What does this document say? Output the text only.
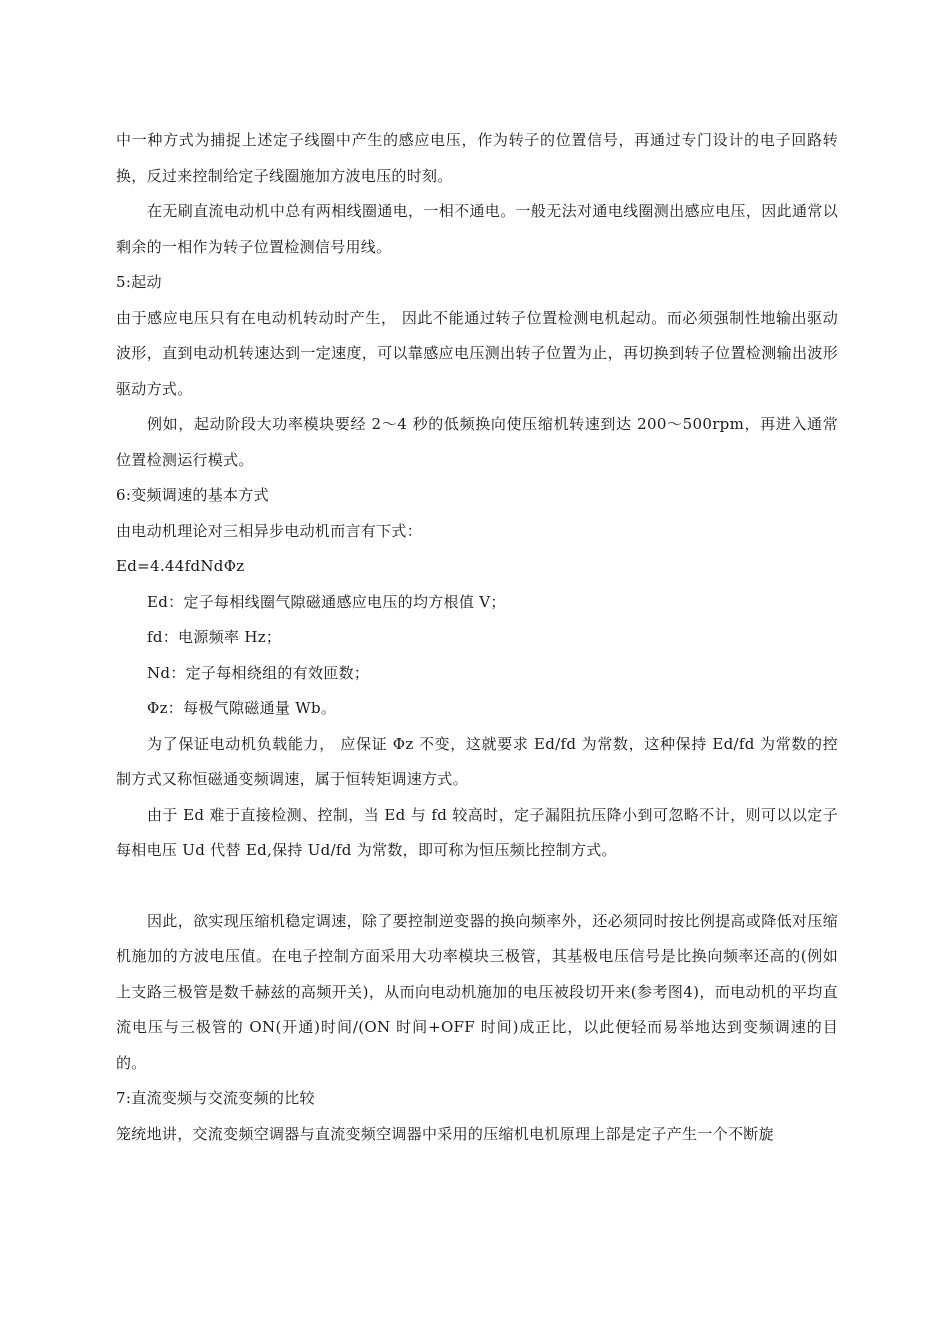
中一种方式为捕捉上述定子线圈中产生的感应电压，作为转子的位置信号，再通过专门设计的电子回路转换，反过来控制给定子线圈施加方波电压的时刻。

在无刷直流电动机中总有两相线圈通电，一相不通电。一般无法对通电线圈测出感应电压，因此通常以剩余的一相作为转子位置检测信号用线。

5:起动

由于感应电压只有在电动机转动时产生， 因此不能通过转子位置检测电机起动。而必须强制性地输出驱动波形，直到电动机转速达到一定速度，可以靠感应电压测出转子位置为止，再切换到转子位置检测输出波形驱动方式。

例如，起动阶段大功率模块要经 2～4 秒的低频换向使压缩机转速到达 200～500rpm，再进入通常位置检测运行模式。

6:变频调速的基本方式

由电动机理论对三相异步电动机而言有下式：

Ed=4.44fdNdΦz

Ed：定子每相线圈气隙磁通感应电压的均方根值 V；

fd：电源频率 Hz；

Nd：定子每相绕组的有效匝数；

Φz：每极气隙磁通量 Wb。

为了保证电动机负载能力， 应保证 Φz 不变，这就要求 Ed/fd 为常数，这种保持 Ed/fd 为常数的控制方式又称恒磁通变频调速，属于恒转矩调速方式。

由于 Ed 难于直接检测、控制，当 Ed 与 fd 较高时，定子漏阻抗压降小到可忽略不计，则可以以定子每相电压 Ud 代替 Ed,保持 Ud/fd 为常数，即可称为恒压频比控制方式。

因此，欲实现压缩机稳定调速，除了要控制逆变器的换向频率外，还必须同时按比例提高或降低对压缩机施加的方波电压值。在电子控制方面采用大功率模块三极管，其基极电压信号是比换向频率还高的(例如上支路三极管是数千赫兹的高频开关)，从而向电动机施加的电压被段切开来(参考图4)，而电动机的平均直流电压与三极管的 ON(开通)时间/(ON 时间+OFF 时间)成正比，以此便轻而易举地达到变频调速的目的。

7:直流变频与交流变频的比较

笼统地讲，交流变频空调器与直流变频空调器中采用的压缩机电机原理上部是定子产生一个不断旋
